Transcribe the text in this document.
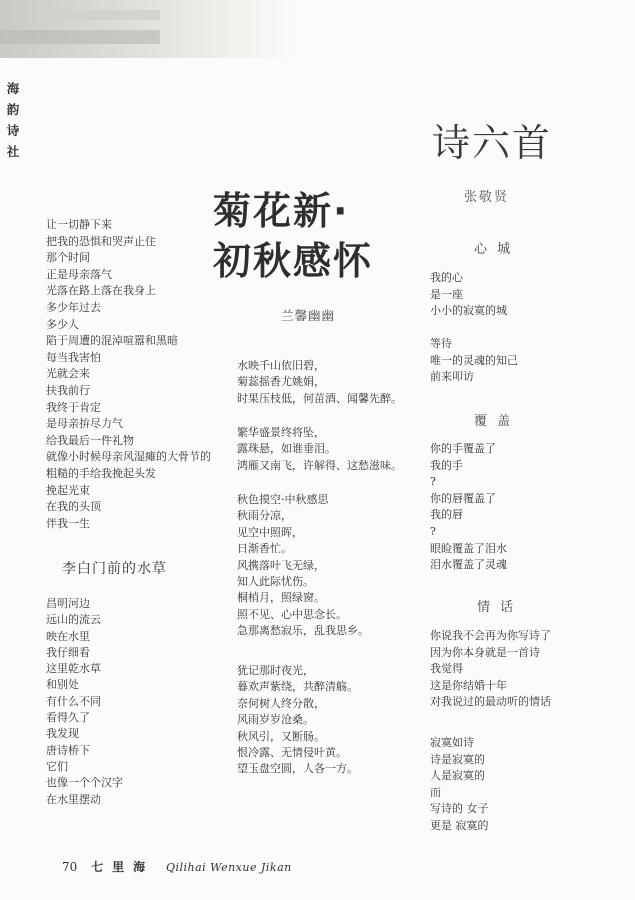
海
韵
诗
社	诗六首
张敬贤
菊花新·
初秋感怀
让一切静下来
把我的恐惧和哭声止住
那个时间
正是母亲落气
光落在路上落在我身上
多少年过去
多少人
陷于周遭的混淖喧嚣和黑暗
每当我害怕
光就会来
扶我前行
我终于肯定
是母亲拚尽力气
给我最后一件礼物
就像小时候母亲风湿瘫的大骨节的
粗糙的手给我挽起头发
挽起光束
在我的头顶
伴我一生
李白门前的水草
昌明河边
远山的流云
映在水里
我仔细看
这里乾水草
和别处
有什么不同
看得久了
我发现
唐诗桥下
它们
也像一个个汉字
在水里摆动
兰馨幽幽
水映千山依旧碧，
菊蕊摇香尤姚娟，
时果压枝低，何苗酒、闻馨先醉。
繁华盛景终将坠，
露珠悬，如谁垂泪。
鸿雁又南飞，许解得、这愁滋味。
秋色摸空·中秋感思
秋雨分凉，
见空中照晖，
日渐香忙。
风携落叶飞无绿，
知人此际忧伤。
桐梢月，照绿窗。
照不见、心中思念长。
急那离愁寂乐，乱我思乡。
犹记那时夜光，
暮欢声紫绕，共醉清觞。
奈何树人终分散，
风雨岁岁沧桑。
秋风引，又断肠。
恨冷露、无情侵叶黄。
望玉盘空圆，人各一方。
心 城
我的心
是一座
小小的寂寞的城
等待
唯一的灵魂的知己
前来叩访
覆 盖
你的手覆盖了
我的手
?
你的唇覆盖了
我的唇
?
眼睑覆盖了泪水
泪水覆盖了灵魂
情 话
你说我不会再为你写诗了
因为你本身就是一首诗
我觉得
这是你结婚十年
对我说过的最动听的情话
寂寞如诗
诗是寂寞的
人是寂寞的
而
写诗的 女子
更是 寂寞的
70 七里海 Qilihai Wenxue Jikan
